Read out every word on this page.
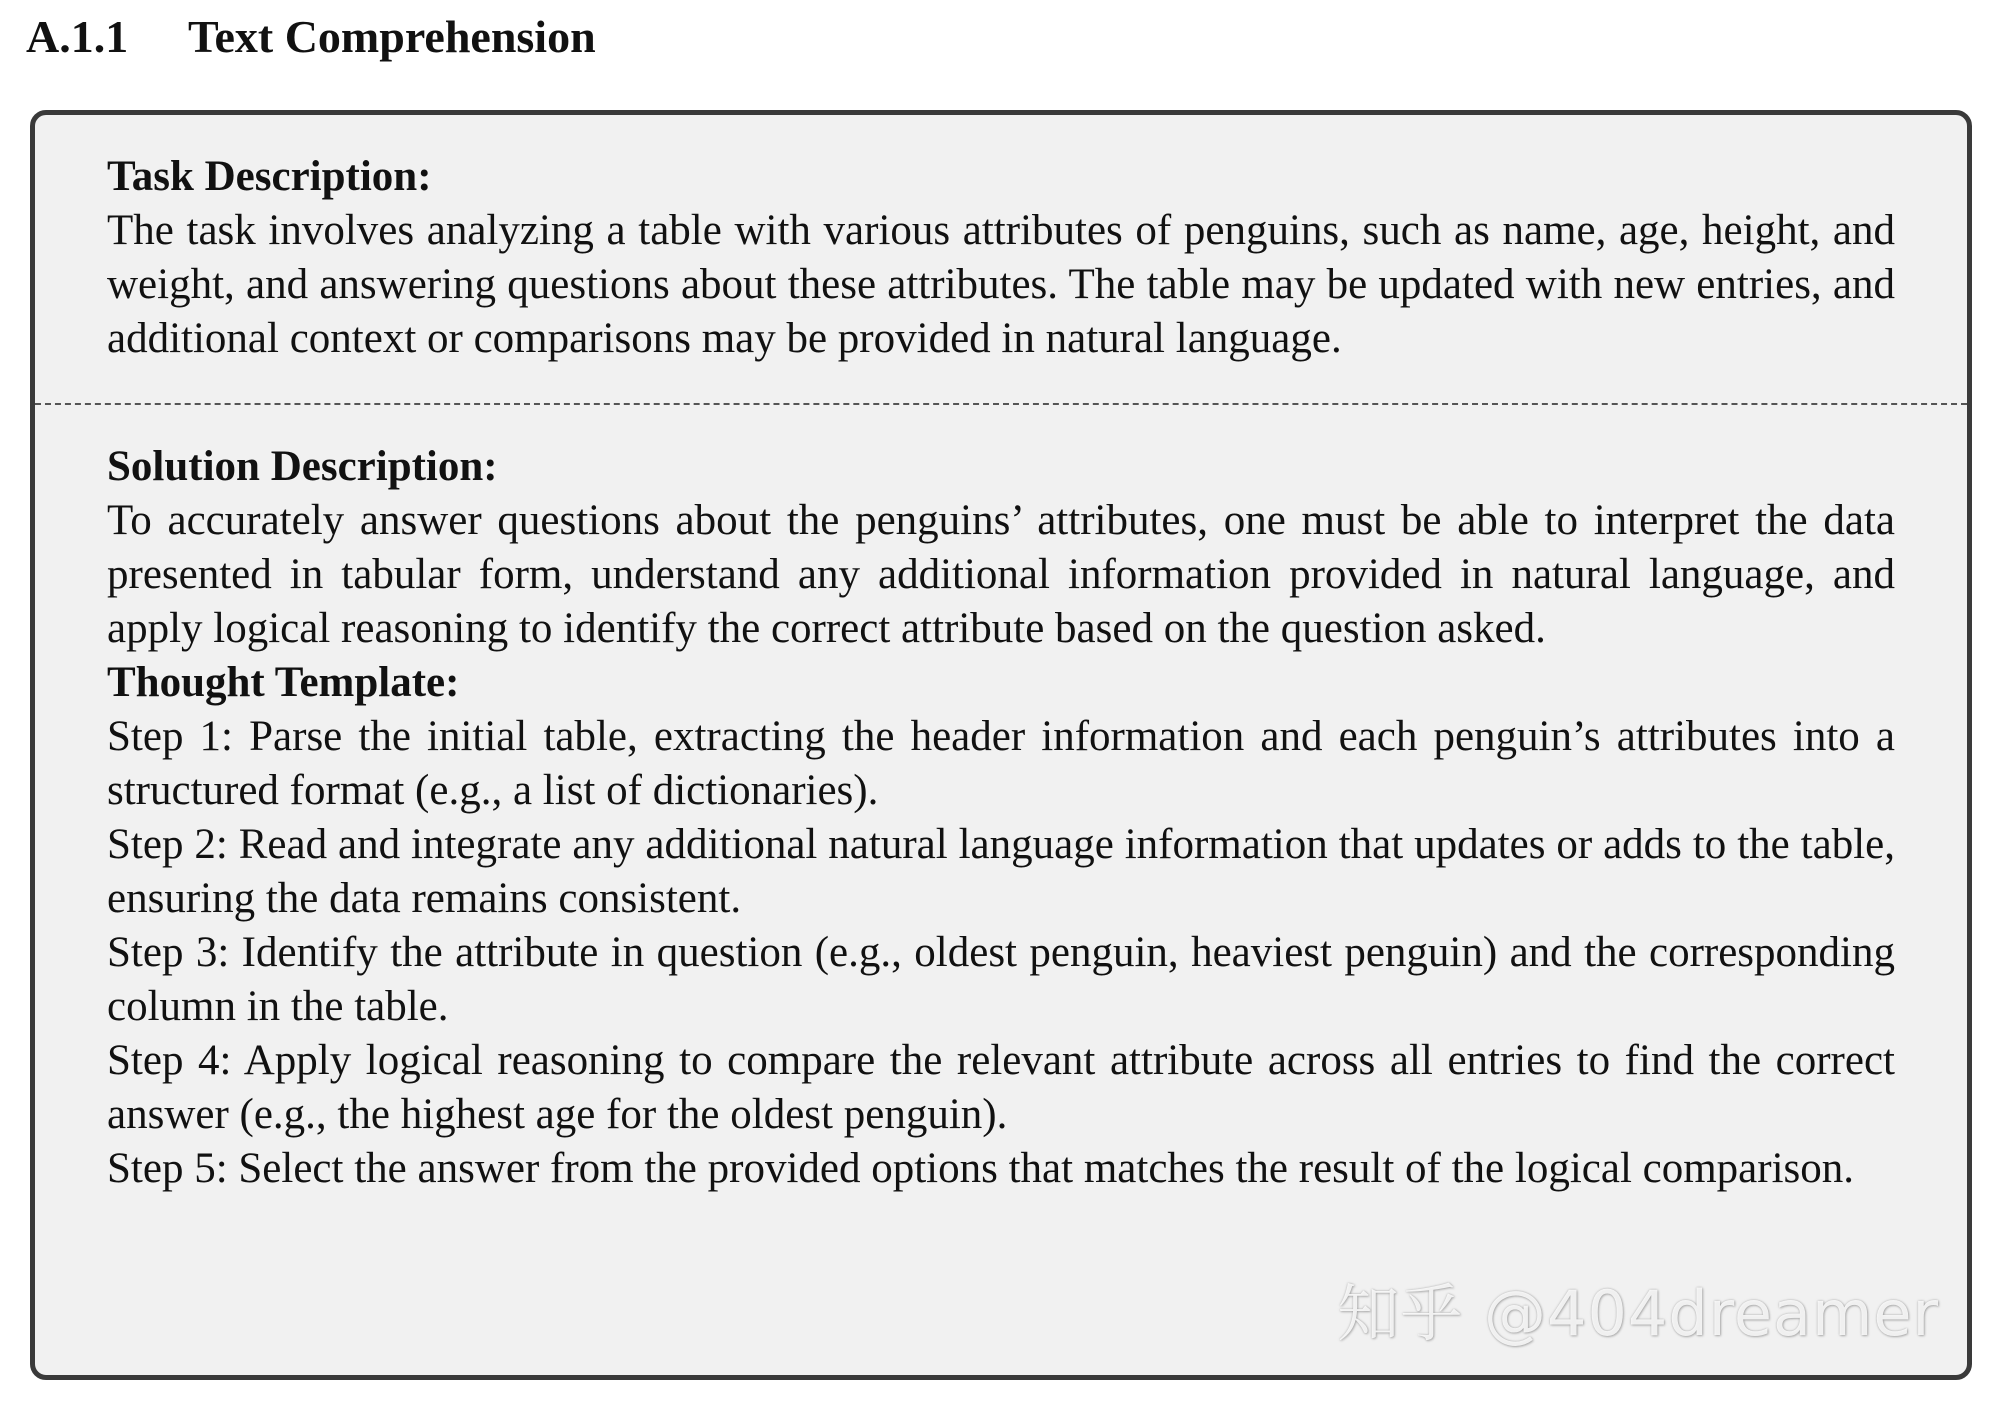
A.1.1	Text Comprehension
Task Description:
The task involves analyzing a table with various attributes of penguins, such as name, age, height, and weight, and answering questions about these attributes. The table may be updated with new entries, and additional context or comparisons may be provided in natural language.
Solution Description:
To accurately answer questions about the penguins’ attributes, one must be able to interpret the data presented in tabular form, understand any additional information provided in natural language, and apply logical reasoning to identify the correct attribute based on the question asked.
Thought Template:
Step 1: Parse the initial table, extracting the header information and each penguin’s attributes into a structured format (e.g., a list of dictionaries).
Step 2: Read and integrate any additional natural language information that updates or adds to the table, ensuring the data remains consistent.
Step 3: Identify the attribute in question (e.g., oldest penguin, heaviest penguin) and the corresponding column in the table.
Step 4: Apply logical reasoning to compare the relevant attribute across all entries to find the correct answer (e.g., the highest age for the oldest penguin).
Step 5: Select the answer from the provided options that matches the result of the logical comparison.
知乎 @404dreamer
